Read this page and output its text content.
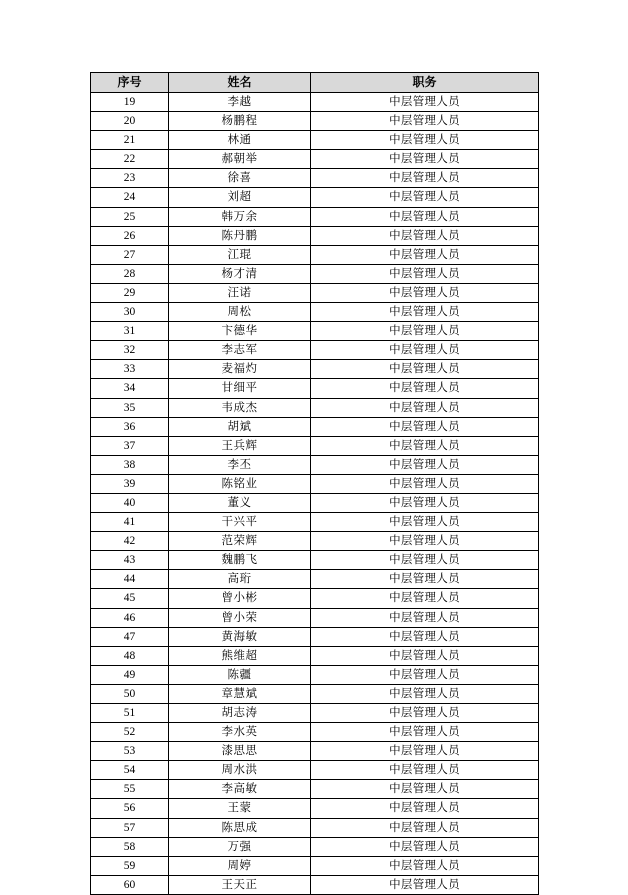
序号	姓名	职务
19	李越	中层管理人员
20	杨鹏程	中层管理人员
21	林通	中层管理人员
22	郝朝举	中层管理人员
23	徐喜	中层管理人员
24	刘超	中层管理人员
25	韩万余	中层管理人员
26	陈丹鹏	中层管理人员
27	江琨	中层管理人员
28	杨才清	中层管理人员
29	汪诺	中层管理人员
30	周松	中层管理人员
31	卞德华	中层管理人员
32	李志军	中层管理人员
33	麦福灼	中层管理人员
34	甘细平	中层管理人员
35	韦成杰	中层管理人员
36	胡斌	中层管理人员
37	王兵辉	中层管理人员
38	李丕	中层管理人员
39	陈铭业	中层管理人员
40	董义	中层管理人员
41	干兴平	中层管理人员
42	范荣辉	中层管理人员
43	魏鹏飞	中层管理人员
44	高珩	中层管理人员
45	曾小彬	中层管理人员
46	曾小荣	中层管理人员
47	黄海敏	中层管理人员
48	熊维超	中层管理人员
49	陈疆	中层管理人员
50	章慧斌	中层管理人员
51	胡志涛	中层管理人员
52	李水英	中层管理人员
53	漆思思	中层管理人员
54	周水洪	中层管理人员
55	李高敏	中层管理人员
56	王蒙	中层管理人员
57	陈思成	中层管理人员
58	万强	中层管理人员
59	周婷	中层管理人员
60	王天正	中层管理人员
